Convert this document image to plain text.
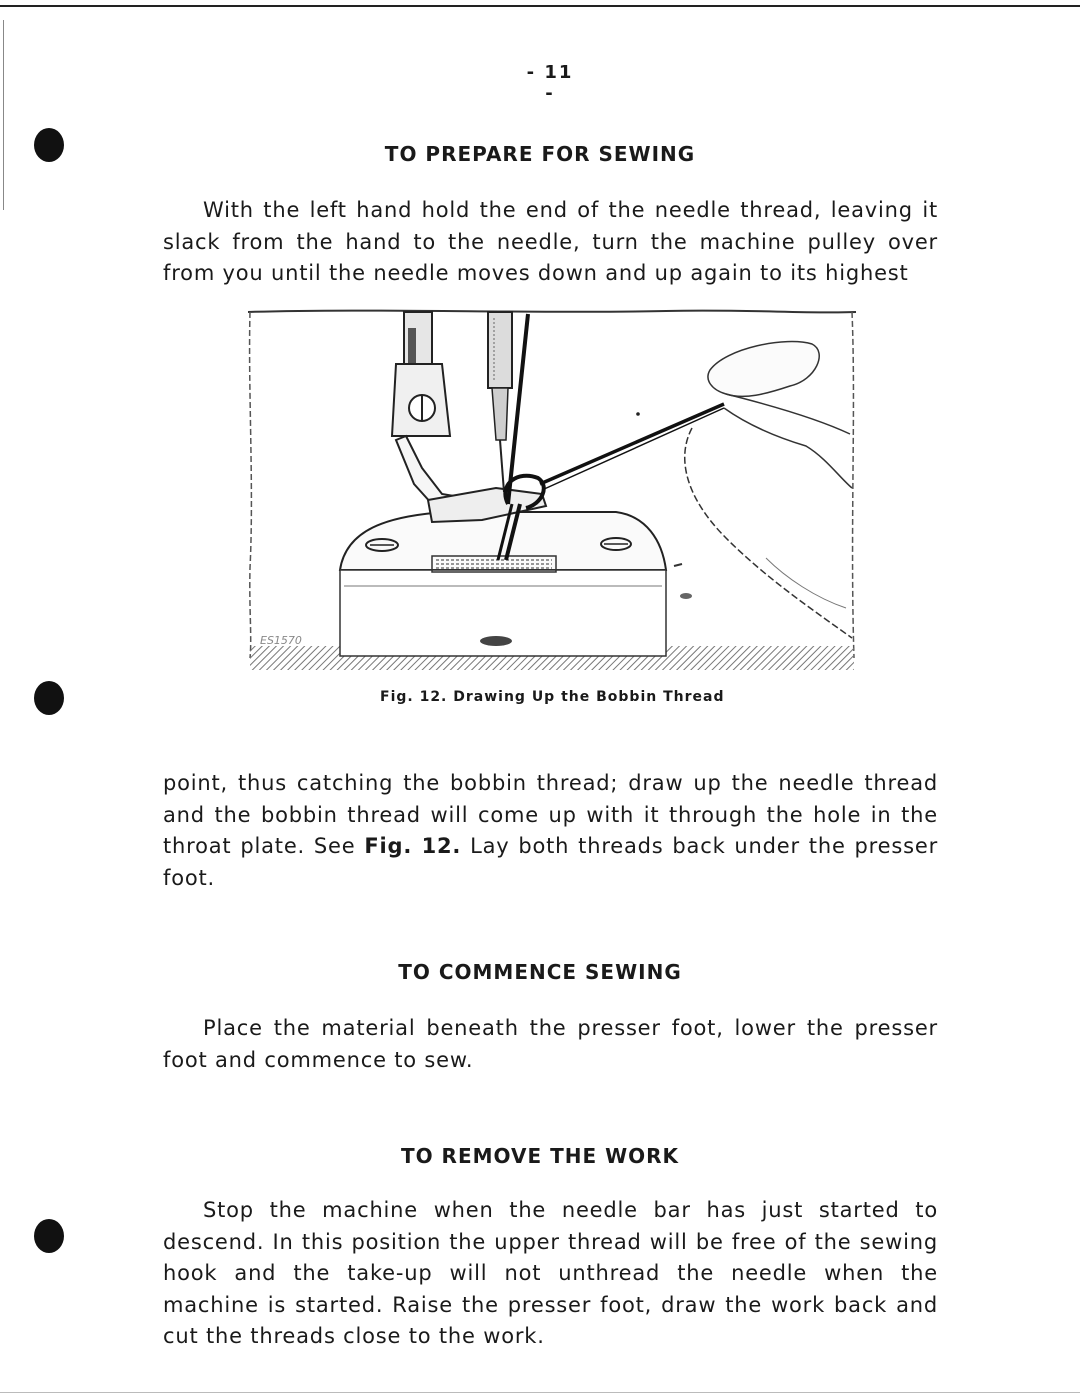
- 11 -
TO PREPARE FOR SEWING

With the left hand hold the end of the needle thread, leaving it slack from the hand to the needle, turn the machine pulley over from you until the needle moves down and up again to its highest

ES1570
Fig. 12. Drawing Up the Bobbin Thread

point, thus catching the bobbin thread; draw up the needle thread and the bobbin thread will come up with it through the hole in the throat plate. See Fig. 12. Lay both threads back under the presser foot.

TO COMMENCE SEWING

Place the material beneath the presser foot, lower the presser foot and commence to sew.

TO REMOVE THE WORK

Stop the machine when the needle bar has just started to descend. In this position the upper thread will be free of the sewing hook and the take-up will not unthread the needle when the machine is started. Raise the presser foot, draw the work back and cut the threads close to the work.
